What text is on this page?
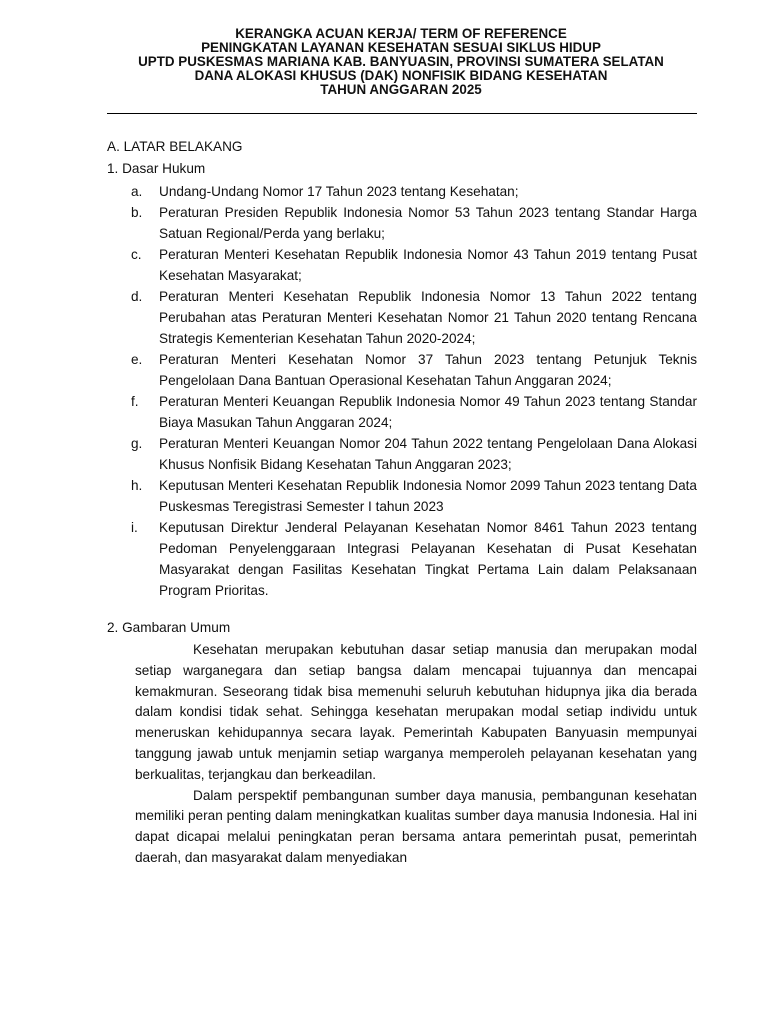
KERANGKA ACUAN KERJA/ TERM OF REFERENCE
PENINGKATAN LAYANAN KESEHATAN SESUAI SIKLUS HIDUP
UPTD PUSKESMAS MARIANA KAB. BANYUASIN, PROVINSI SUMATERA SELATAN
DANA ALOKASI KHUSUS (DAK) NONFISIK BIDANG KESEHATAN
TAHUN ANGGARAN 2025
A. LATAR BELAKANG
1. Dasar Hukum
a.	Undang-Undang Nomor 17 Tahun 2023 tentang Kesehatan;
b.	Peraturan Presiden Republik Indonesia Nomor 53 Tahun 2023 tentang Standar Harga Satuan Regional/Perda yang berlaku;
c.	Peraturan Menteri Kesehatan Republik Indonesia Nomor 43 Tahun 2019 tentang Pusat Kesehatan Masyarakat;
d.	Peraturan Menteri Kesehatan Republik Indonesia Nomor 13 Tahun 2022 tentang Perubahan atas Peraturan Menteri Kesehatan Nomor 21 Tahun 2020 tentang Rencana Strategis Kementerian Kesehatan Tahun 2020-2024;
e.	Peraturan Menteri Kesehatan Nomor 37 Tahun 2023 tentang Petunjuk Teknis Pengelolaan Dana Bantuan Operasional Kesehatan Tahun Anggaran 2024;
f.	Peraturan Menteri Keuangan Republik Indonesia Nomor 49 Tahun 2023 tentang Standar Biaya Masukan Tahun Anggaran 2024;
g.	Peraturan Menteri Keuangan Nomor 204 Tahun 2022 tentang Pengelolaan Dana Alokasi Khusus Nonfisik Bidang Kesehatan Tahun Anggaran 2023;
h.	Keputusan Menteri Kesehatan Republik Indonesia Nomor 2099 Tahun 2023 tentang Data Puskesmas Teregistrasi Semester I tahun 2023
i.	Keputusan Direktur Jenderal Pelayanan Kesehatan Nomor 8461 Tahun 2023 tentang Pedoman Penyelenggaraan Integrasi Pelayanan Kesehatan di Pusat Kesehatan Masyarakat dengan Fasilitas Kesehatan Tingkat Pertama Lain dalam Pelaksanaan Program Prioritas.
2. Gambaran Umum

Kesehatan merupakan kebutuhan dasar setiap manusia dan merupakan modal setiap warganegara dan setiap bangsa dalam mencapai tujuannya dan mencapai kemakmuran. Seseorang tidak bisa memenuhi seluruh kebutuhan hidupnya jika dia berada dalam kondisi tidak sehat. Sehingga kesehatan merupakan modal setiap individu untuk meneruskan kehidupannya secara layak. Pemerintah Kabupaten Banyuasin mempunyai tanggung jawab untuk menjamin setiap warganya memperoleh pelayanan kesehatan yang berkualitas, terjangkau dan berkeadilan.

Dalam perspektif pembangunan sumber daya manusia, pembangunan kesehatan memiliki peran penting dalam meningkatkan kualitas sumber daya manusia Indonesia. Hal ini dapat dicapai melalui peningkatan peran bersama antara pemerintah pusat, pemerintah daerah, dan masyarakat dalam menyediakan
